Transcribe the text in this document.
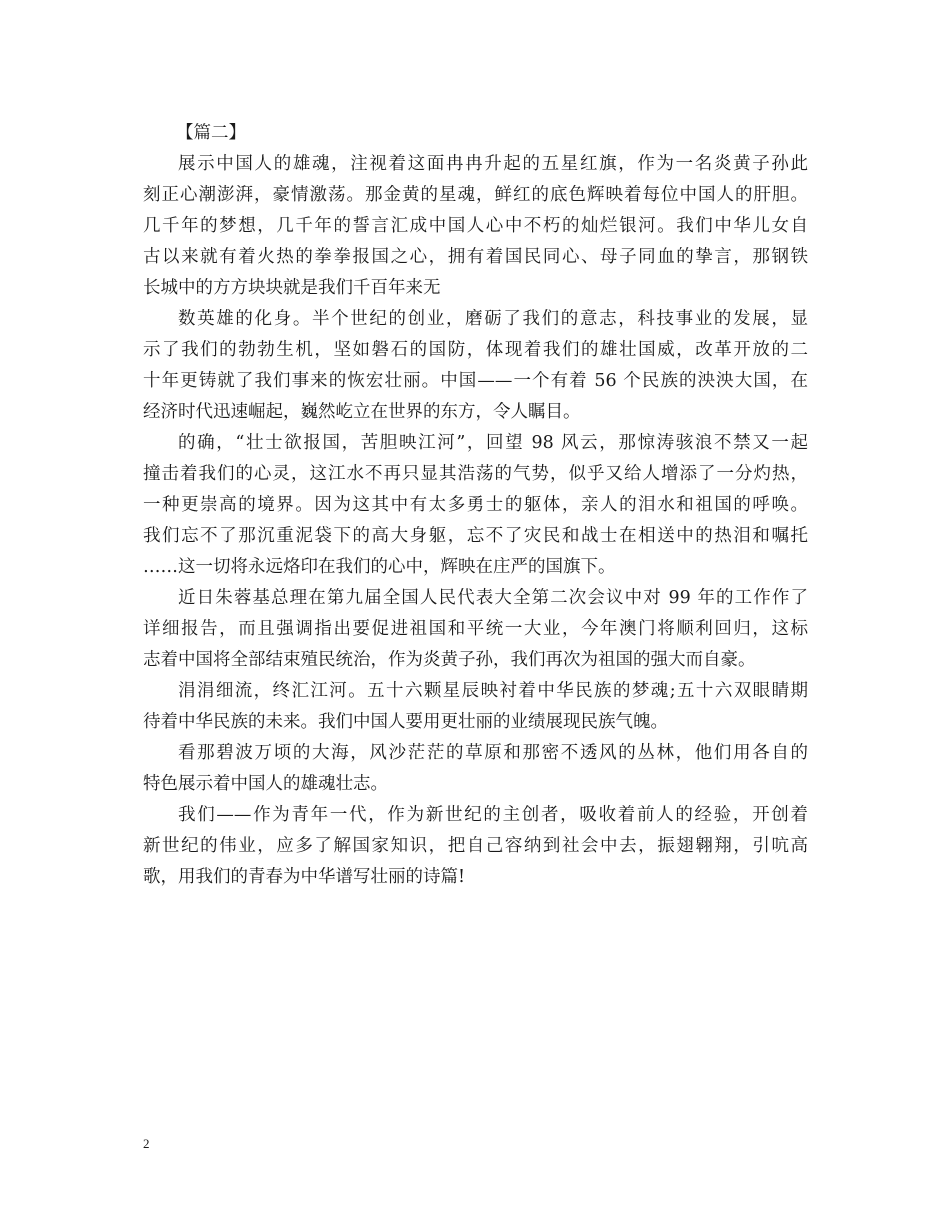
【篇二】
展示中国人的雄魂，注视着这面冉冉升起的五星红旗，作为一名炎黄子孙此
刻正心潮澎湃，豪情激荡。那金黄的星魂，鲜红的底色辉映着每位中国人的肝胆。
几千年的梦想，几千年的誓言汇成中国人心中不朽的灿烂银河。我们中华儿女自
古以来就有着火热的拳拳报国之心，拥有着国民同心、母子同血的挚言，那钢铁
长城中的方方块块就是我们千百年来无
数英雄的化身。半个世纪的创业，磨砺了我们的意志，科技事业的发展，显
示了我们的勃勃生机，坚如磐石的国防，体现着我们的雄壮国威，改革开放的二
十年更铸就了我们事来的恢宏壮丽。中国——一个有着 56 个民族的泱泱大国，在
经济时代迅速崛起，巍然屹立在世界的东方，令人瞩目。
的确，“壮士欲报国，苦胆映江河”，回望 98 风云，那惊涛骇浪不禁又一起
撞击着我们的心灵，这江水不再只显其浩荡的气势，似乎又给人增添了一分灼热，
一种更崇高的境界。因为这其中有太多勇士的躯体，亲人的泪水和祖国的呼唤。
我们忘不了那沉重泥袋下的高大身躯，忘不了灾民和战士在相送中的热泪和嘱托
……这一切将永远烙印在我们的心中，辉映在庄严的国旗下。
近日朱蓉基总理在第九届全国人民代表大全第二次会议中对 99 年的工作作了
详细报告，而且强调指出要促进祖国和平统一大业，今年澳门将顺利回归，这标
志着中国将全部结束殖民统治，作为炎黄子孙，我们再次为祖国的强大而自豪。
涓涓细流，终汇江河。五十六颗星辰映衬着中华民族的梦魂;五十六双眼睛期
待着中华民族的未来。我们中国人要用更壮丽的业绩展现民族气魄。
看那碧波万顷的大海，风沙茫茫的草原和那密不透风的丛林，他们用各自的
特色展示着中国人的雄魂壮志。
我们——作为青年一代，作为新世纪的主创者，吸收着前人的经验，开创着
新世纪的伟业，应多了解国家知识，把自己容纳到社会中去，振翅翱翔，引吭高
歌，用我们的青春为中华谱写壮丽的诗篇!
2
